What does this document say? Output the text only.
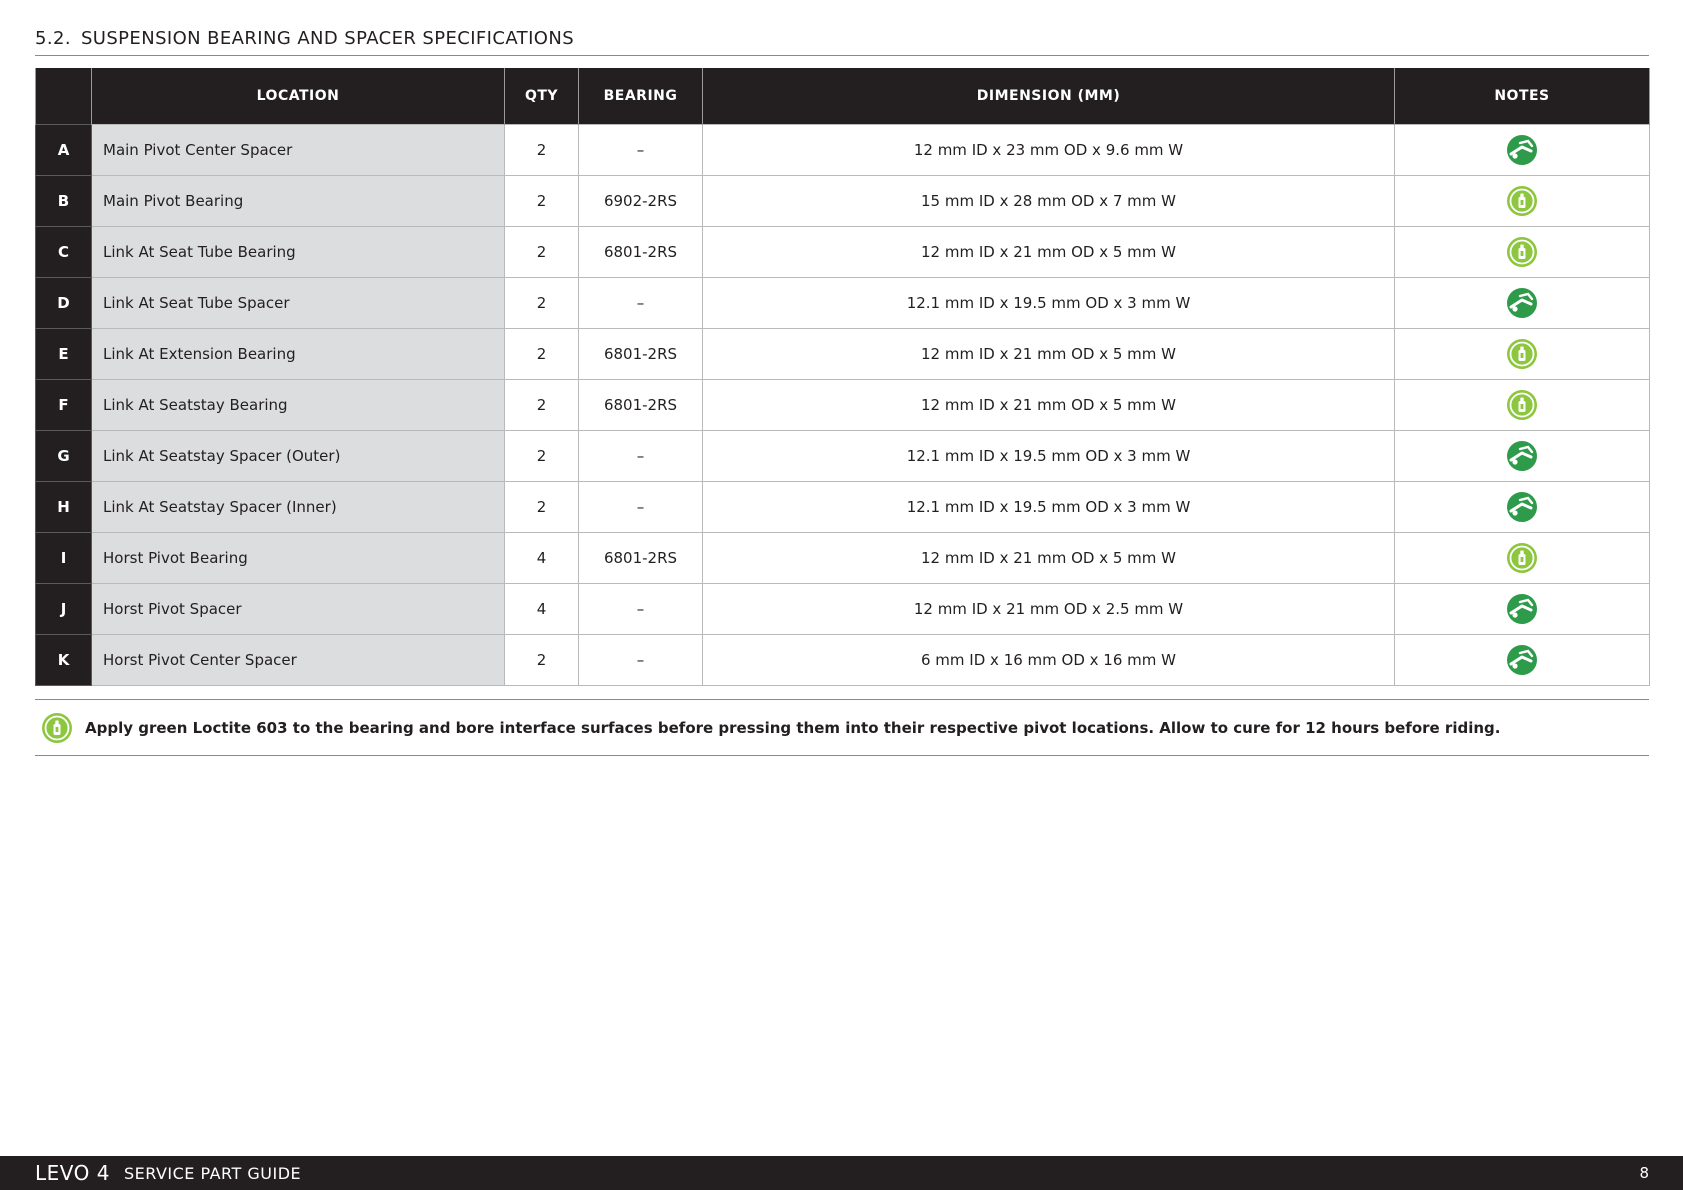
5.2. SUSPENSION BEARING AND SPACER SPECIFICATIONS
	LOCATION	QTY	BEARING	DIMENSION (MM)	NOTES
A	Main Pivot Center Spacer	2	–	12 mm ID x 23 mm OD x 9.6 mm W	

B	Main Pivot Bearing	2	6902-2RS	15 mm ID x 28 mm OD x 7 mm W	

C	Link At Seat Tube Bearing	2	6801-2RS	12 mm ID x 21 mm OD x 5 mm W	

D	Link At Seat Tube Spacer	2	–	12.1 mm ID x 19.5 mm OD x 3 mm W	

E	Link At Extension Bearing	2	6801-2RS	12 mm ID x 21 mm OD x 5 mm W	

F	Link At Seatstay Bearing	2	6801-2RS	12 mm ID x 21 mm OD x 5 mm W	

G	Link At Seatstay Spacer (Outer)	2	–	12.1 mm ID x 19.5 mm OD x 3 mm W	

H	Link At Seatstay Spacer (Inner)	2	–	12.1 mm ID x 19.5 mm OD x 3 mm W	

I	Horst Pivot Bearing	4	6801-2RS	12 mm ID x 21 mm OD x 5 mm W	

J	Horst Pivot Spacer	4	–	12 mm ID x 21 mm OD x 2.5 mm W	

K	Horst Pivot Center Spacer	2	–	6 mm ID x 16 mm OD x 16 mm W	
Apply green Loctite 603 to the bearing and bore interface surfaces before pressing them into their respective pivot locations. Allow to cure for 12 hours before riding.
LEVO 4 SERVICE PART GUIDE	8
